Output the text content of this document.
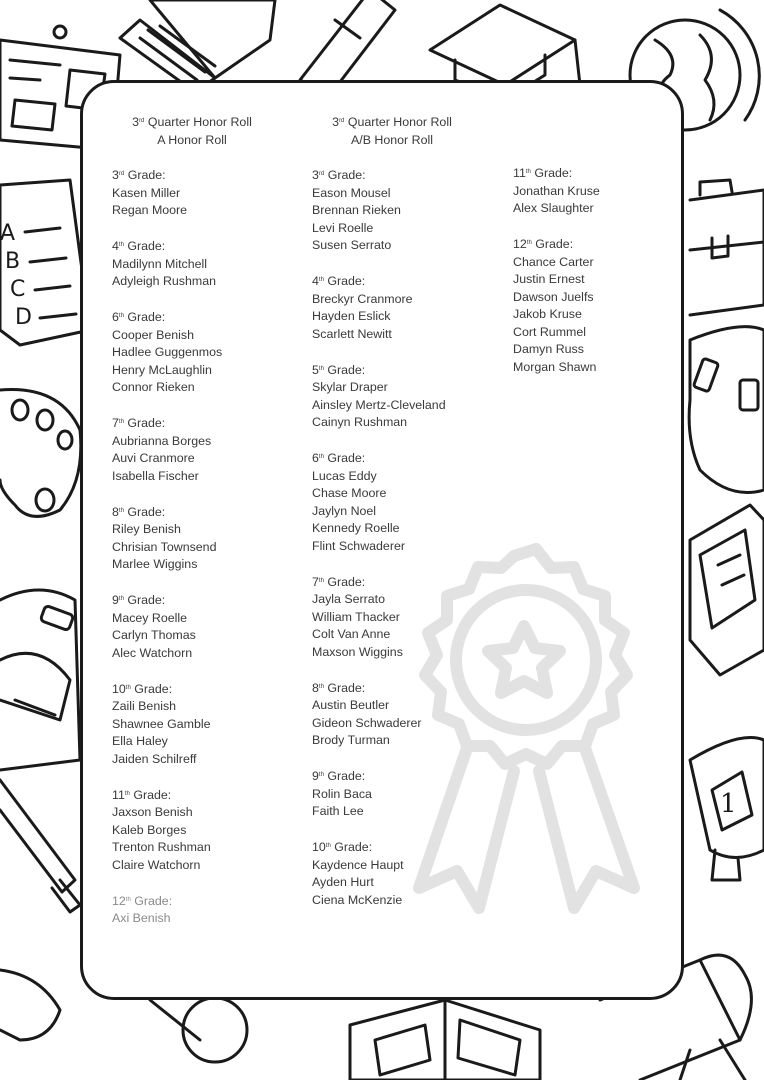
A
B
C
D
1
3rd Quarter Honor Roll
A Honor Roll
3rd Grade:
Kasen Miller
Regan Moore
4th Grade:
Madilynn Mitchell
Adyleigh Rushman
6th Grade:
Cooper Benish
Hadlee Guggenmos
Henry McLaughlin
Connor Rieken
7th Grade:
Aubrianna Borges
Auvi Cranmore
Isabella Fischer
8th Grade:
Riley Benish
Chrisian Townsend
Marlee Wiggins
9th Grade:
Macey Roelle
Carlyn Thomas
Alec Watchorn
10th Grade:
Zaili Benish
Shawnee Gamble
Ella Haley
Jaiden Schilreff
11th Grade:
Jaxson Benish
Kaleb Borges
Trenton Rushman
Claire Watchorn
12th Grade:
Axi Benish
3rd Quarter Honor Roll
A/B Honor Roll
3rd Grade:
Eason Mousel
Brennan Rieken
Levi Roelle
Susen Serrato
4th Grade:
Breckyr Cranmore
Hayden Eslick
Scarlett Newitt
5th Grade:
Skylar Draper
Ainsley Mertz-Cleveland
Cainyn Rushman
6th Grade:
Lucas Eddy
Chase Moore
Jaylyn Noel
Kennedy Roelle
Flint Schwaderer
7th Grade:
Jayla Serrato
William Thacker
Colt Van Anne
Maxson Wiggins
8th Grade:
Austin Beutler
Gideon Schwaderer
Brody Turman
9th Grade:
Rolin Baca
Faith Lee
10th Grade:
Kaydence Haupt
Ayden Hurt
Ciena McKenzie
11th Grade:
Jonathan Kruse
Alex Slaughter
12th Grade:
Chance Carter
Justin Ernest
Dawson Juelfs
Jakob Kruse
Cort Rummel
Damyn Russ
Morgan Shawn
